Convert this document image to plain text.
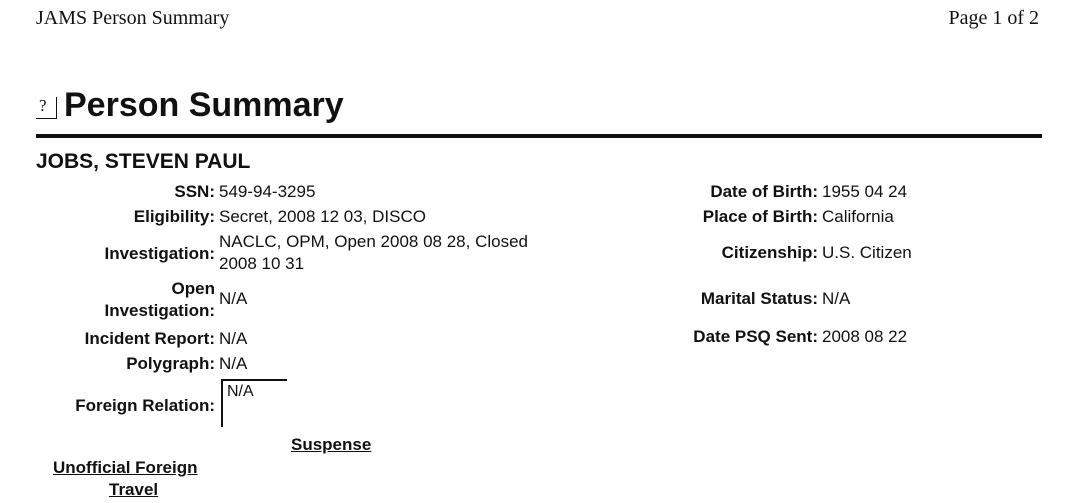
JAMS Person Summary	Page 1 of 2
? Person Summary
JOBS, STEVEN PAUL
SSN: 549-94-3295
Eligibility: Secret, 2008 12 03, DISCO
Investigation:
NACLC, OPM, Open 2008 08 28, Closed
2008 10 31
Open
Investigation:
N/A
Incident Report: N/A
Polygraph: N/A
Foreign Relation:
N/A
Date of Birth: 1955 04 24
Place of Birth: California
Citizenship: U.S. Citizen
Marital Status: N/A
Date PSQ Sent: 2008 08 22
Suspense
Unofficial Foreign
Travel
